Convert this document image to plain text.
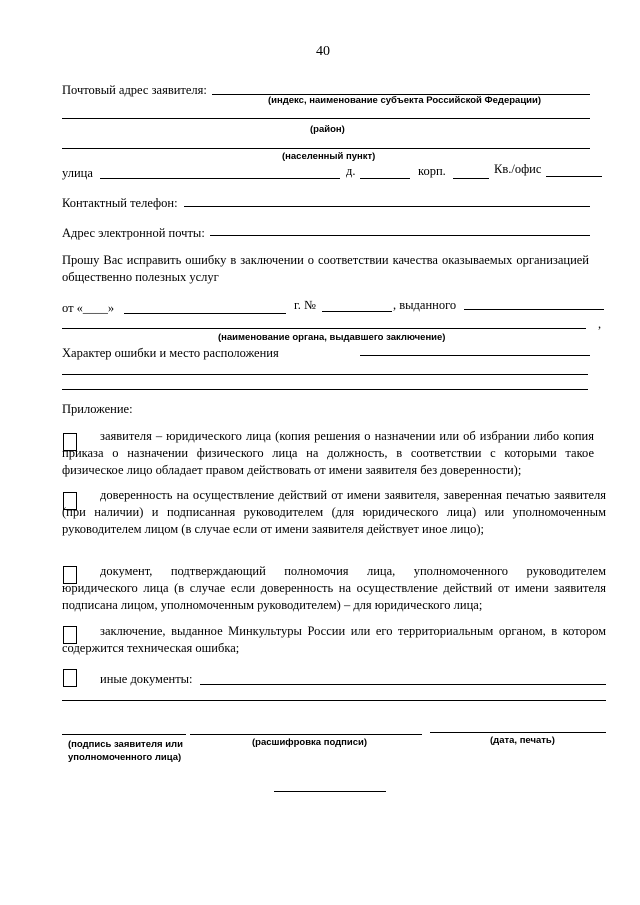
40
Почтовый адрес заявителя:
(индекс, наименование субъекта Российской Федерации)
(район)
(населенный пункт)
улица	д.	корп.	Кв./офис
Контактный телефон:
Адрес электронной почты:
Прошу Вас исправить ошибку в заключении о соответствии качества оказываемых организацией общественно полезных услуг
от «____»	г. №	, выданного
,
(наименование органа, выдавшего заключение)
Характер ошибки и место расположения
Приложение:
заявителя – юридического лица (копия решения о назначении или об избрании либо копия приказа о назначении физического лица на должность, в соответствии с которыми такое физическое лицо обладает правом действовать от имени заявителя без доверенности);
доверенность на осуществление действий от имени заявителя, заверенная печатью заявителя (при наличии) и подписанная руководителем (для юридического лица) или уполномоченным руководителем лицом (в случае если от имени заявителя действует иное лицо);
документ, подтверждающий полномочия лица, уполномоченного руководителем юридического лица (в случае если доверенность на осуществление действий от имени заявителя подписана лицом, уполномоченным руководителем) – для юридического лица;
заключение, выданное Минкультуры России или его территориальным органом, в котором содержится техническая ошибка;
иные документы:
(подпись заявителя или
уполномоченного лица)
(расшифровка подписи)	(дата, печать)
